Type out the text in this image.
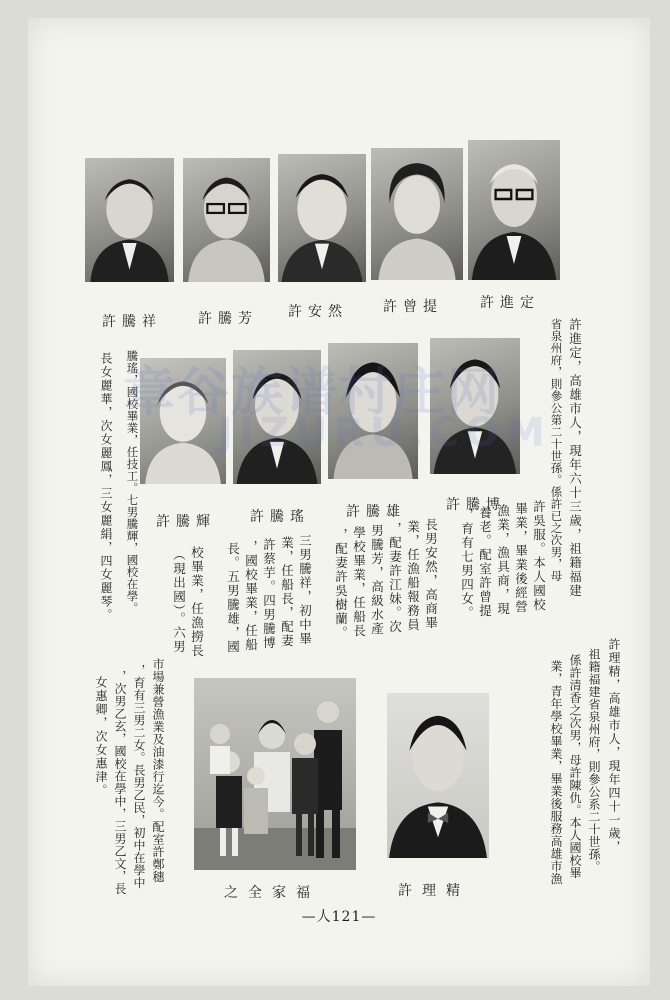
許騰祥	許騰芳 許安然	許曾提	許進定
許騰輝 許騰瑤	許騰雄	許騰博	許進定，高雄市人，現年六十三歲，祖籍福建
省泉州府，則參公第二十世孫。係許已之次男，母
許吳服。本人國校
畢業，畢業後經營
漁業，漁具商，現
養老。配室許曾提
，育有七男四女。
長男安然，高商畢
業，任漁船報務員
，配妻許江妹。次
男騰芳，高級水產
學校畢業，任船長
，配妻許吳樹蘭。
三男騰祥，初中畢
業，任船長，配妻
許蔡芋。四男騰博
，國校畢業，任船
長。五男騰雄，國
校畢業，任漁撈長
（現出國）。六男
騰瑤，國校畢業，任技工。七男騰輝，國校在學。
長女麗華，次女麗鳳，三女麗絹，四女麗琴。
許理精，高雄市人，現年四十一歲，
祖籍福建省泉州府，則參公系二十世孫。
係許清香之次男，母許陳仇。本人國校畢
業，青年學校畢業，畢業後服務高雄市漁
市場兼營漁業及油漆行迄今。配室許鄭穗
，育有三男二女。長男乙民，初中在學中
，次男乙玄，國校在學中，三男乙文，長
女惠卿，次女惠津。
之全家福	許理精
章谷族谱村庄网
JIZURU.COM
—人121—
